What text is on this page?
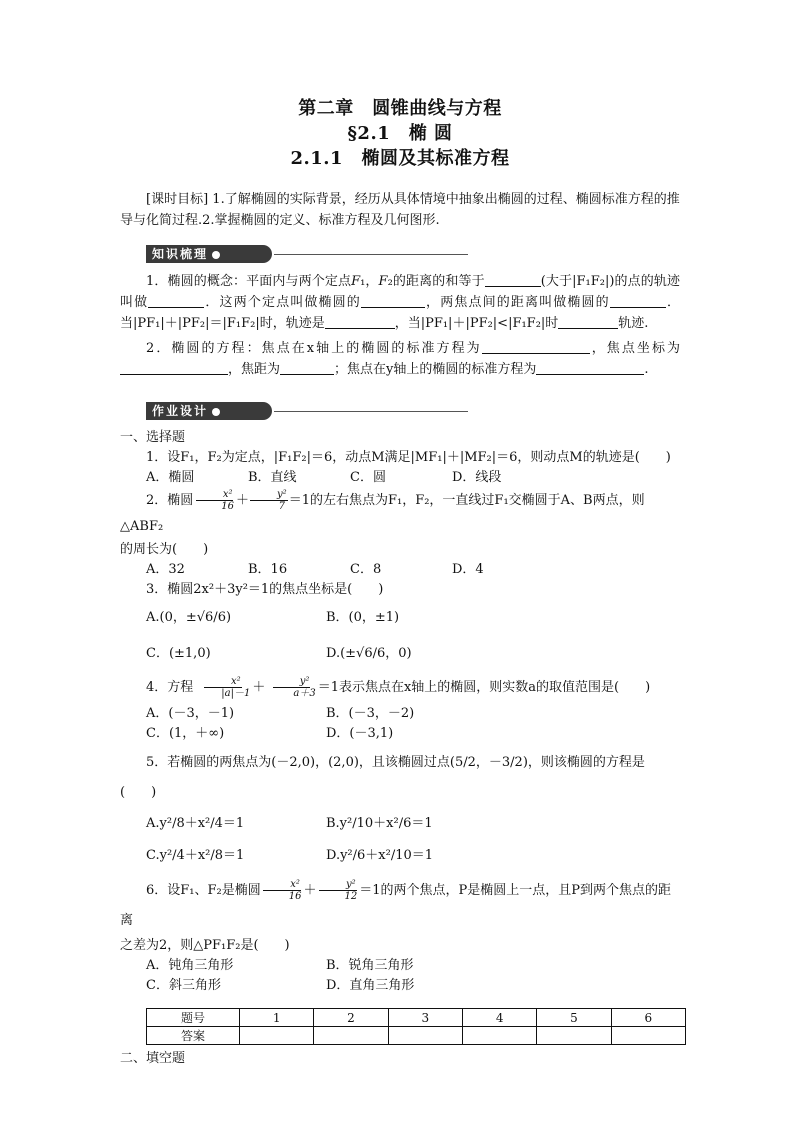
第二章　圆锥曲线与方程
§2.1　椭 圆
2.1.1　椭圆及其标准方程
[课时目标] 1.了解椭圆的实际背景，经历从具体情境中抽象出椭圆的过程、椭圆标准方程的推导与化简过程.2.掌握椭圆的定义、标准方程及几何图形.
知识梳理
1．椭圆的概念：平面内与两个定点F₁，F₂的距离的和等于	(大于|F₁F₂|)的点的轨迹叫做	．这两个定点叫做椭圆的	，两焦点间的距离叫做椭圆的	．当|PF₁|＋|PF₂|＝|F₁F₂|时，轨迹是	，当|PF₁|＋|PF₂|<|F₁F₂|时	轨迹.
2．椭圆的方程：焦点在x轴上的椭圆的标准方程为	，焦点坐标为，焦距为	；焦点在y轴上的椭圆的标准方程为	.
作业设计
一、选择题
1．设F₁，F₂为定点，|F₁F₂|＝6，动点M满足|MF₁|＋|MF₂|＝6，则动点M的轨迹是(　　)
A．椭圆	B．直线	C．圆	D．线段
2．椭圆 $\frac{\text{x²}}{16} + \frac{\text{y²}}{7} =1$的左右焦点为F₁，F₂，一直线过F₁交椭圆于A、B两点，则△ABF₂
的周长为(　　)
A．32	B．16	C．8	D．4
3．椭圆2x²＋3y²＝1的焦点坐标是(　　)
A.(0，±√6/6)	B．(0，±1)
C．(±1,0)	D.(±√6/6，0)
4．方程 $\frac{\text{x²}}{|a|-1} + \frac{\text{y²}}{a+3} =1$表示焦点在x轴上的椭圆，则实数a的取值范围是(　　)
A．(－3，－1)	B．(－3，－2)
C．(1，＋∞)	D．(－3,1)
5．若椭圆的两焦点为(－2,0)，(2,0)，且该椭圆过点(5/2，－3/2)，则该椭圆的方程是(　　)
A.y²/8＋x²/4＝1	B.y²/10＋x²/6＝1
C.y²/4＋x²/8＝1	D.y²/6＋x²/10＝1
6．设F₁、F₂是椭圆 $\frac{\text{x²}}{16} + \frac{\text{y²}}{12} =1$的两个焦点，P是椭圆上一点，且P到两个焦点的距离
之差为2，则△PF₁F₂是(　　)
A．钝角三角形	B．锐角三角形
C．斜三角形	D．直角三角形
题号	1	2	3	4	5	6
答案						
二、填空题
